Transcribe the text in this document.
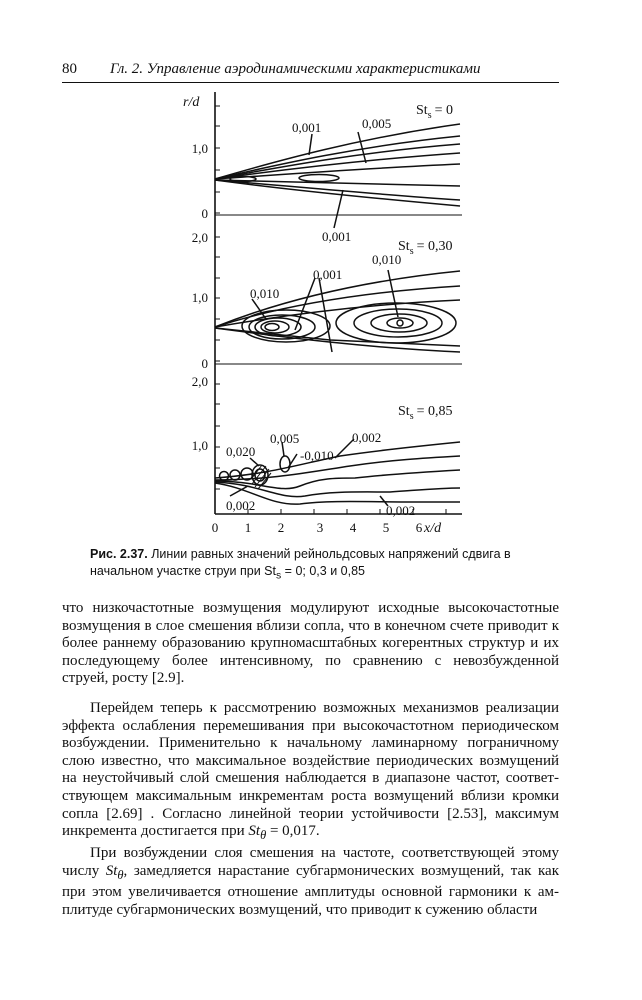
80 Гл. 2. Управление аэродинамическими характеристиками
r/d
x/d
0 1 2	3 4 5 6
0
1,0
$St_s = 0$
0,001	0,005
0,001
0
1,0
2,0
$St_s = 0,30$
0,001
0,010
0,010
1,0
2,0
$St_s = 0,85$
0,020
0,005
-0,010
0,002
0,002	0,002
Рис. 2.37. Линии равных значений рейнольдсовых напряжений сдвига в начальном участке струи при $St_s = 0$; 0,3 и 0,85
что низкочастотные возмущения модулируют исходные высокочастотные возмущения в слое смешения вблизи сопла, что в конечном счете приводит к более раннему образованию крупномасштабных когерентных структур и их последующему более интенсивному, по сравнению с невозбужденной струей, росту [2.9].
Перейдем теперь к рассмотрению возможных механизмов реализации эффекта ослабления перемешивания при высокочастотном периодическом возбуждении. Применительно к начальному ламинарному пограничному слою известно, что максимальное воздействие периодических возмущений на неустойчивый слой смешения наблюдается в диапазоне частот, соответствующем максимальным инкрементам роста возмущений вблизи кромки сопла [2.69] . Согласно линейной теории устойчивости [2.53], максимум инкремента достигается при $St_\theta = 0,017$.
При возбуждении слоя смешения на частоте, соответствующей этому числу $St_\theta$, замедляется нарастание субгармонических возмущений, так как при этом увеличивается отношение амплитуды основной гармоники к амплитуде субгармонических возмущений, что приводит к сужению области
